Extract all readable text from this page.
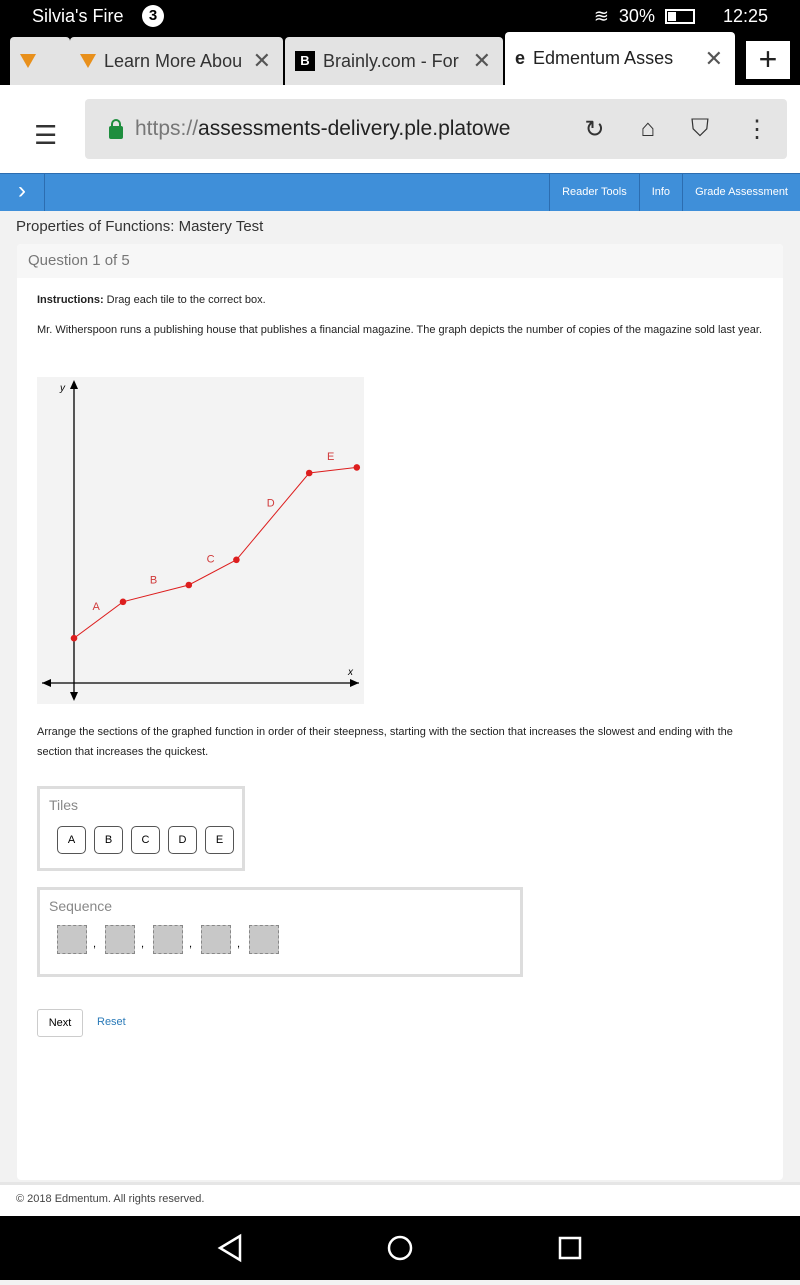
Silvia's Fire	3	≋ 30%	12:25
Learn More Abou ✕	B Brainly.com - For ✕ e Edmentum Asses ✕	+
☰	https:// assessments-delivery.ple.platowe	↻ ⌂ ⛉ ⋮
›	Reader Tools	Info	Grade Assessment
Properties of Functions: Mastery Test
Question 1 of 5
Instructions: Drag each tile to the correct box.
Mr. Witherspoon runs a publishing house that publishes a financial magazine. The graph depicts the number of copies of the magazine sold last year.
x
y
A
B
C
D
E
Arrange the sections of the graphed function in order of their steepness, starting with the section that increases the slowest and ending with the section that increases the quickest.
Tiles
A	B	C	D	E
Sequence
,	,	,	,
Next	Reset
© 2018 Edmentum. All rights reserved.
